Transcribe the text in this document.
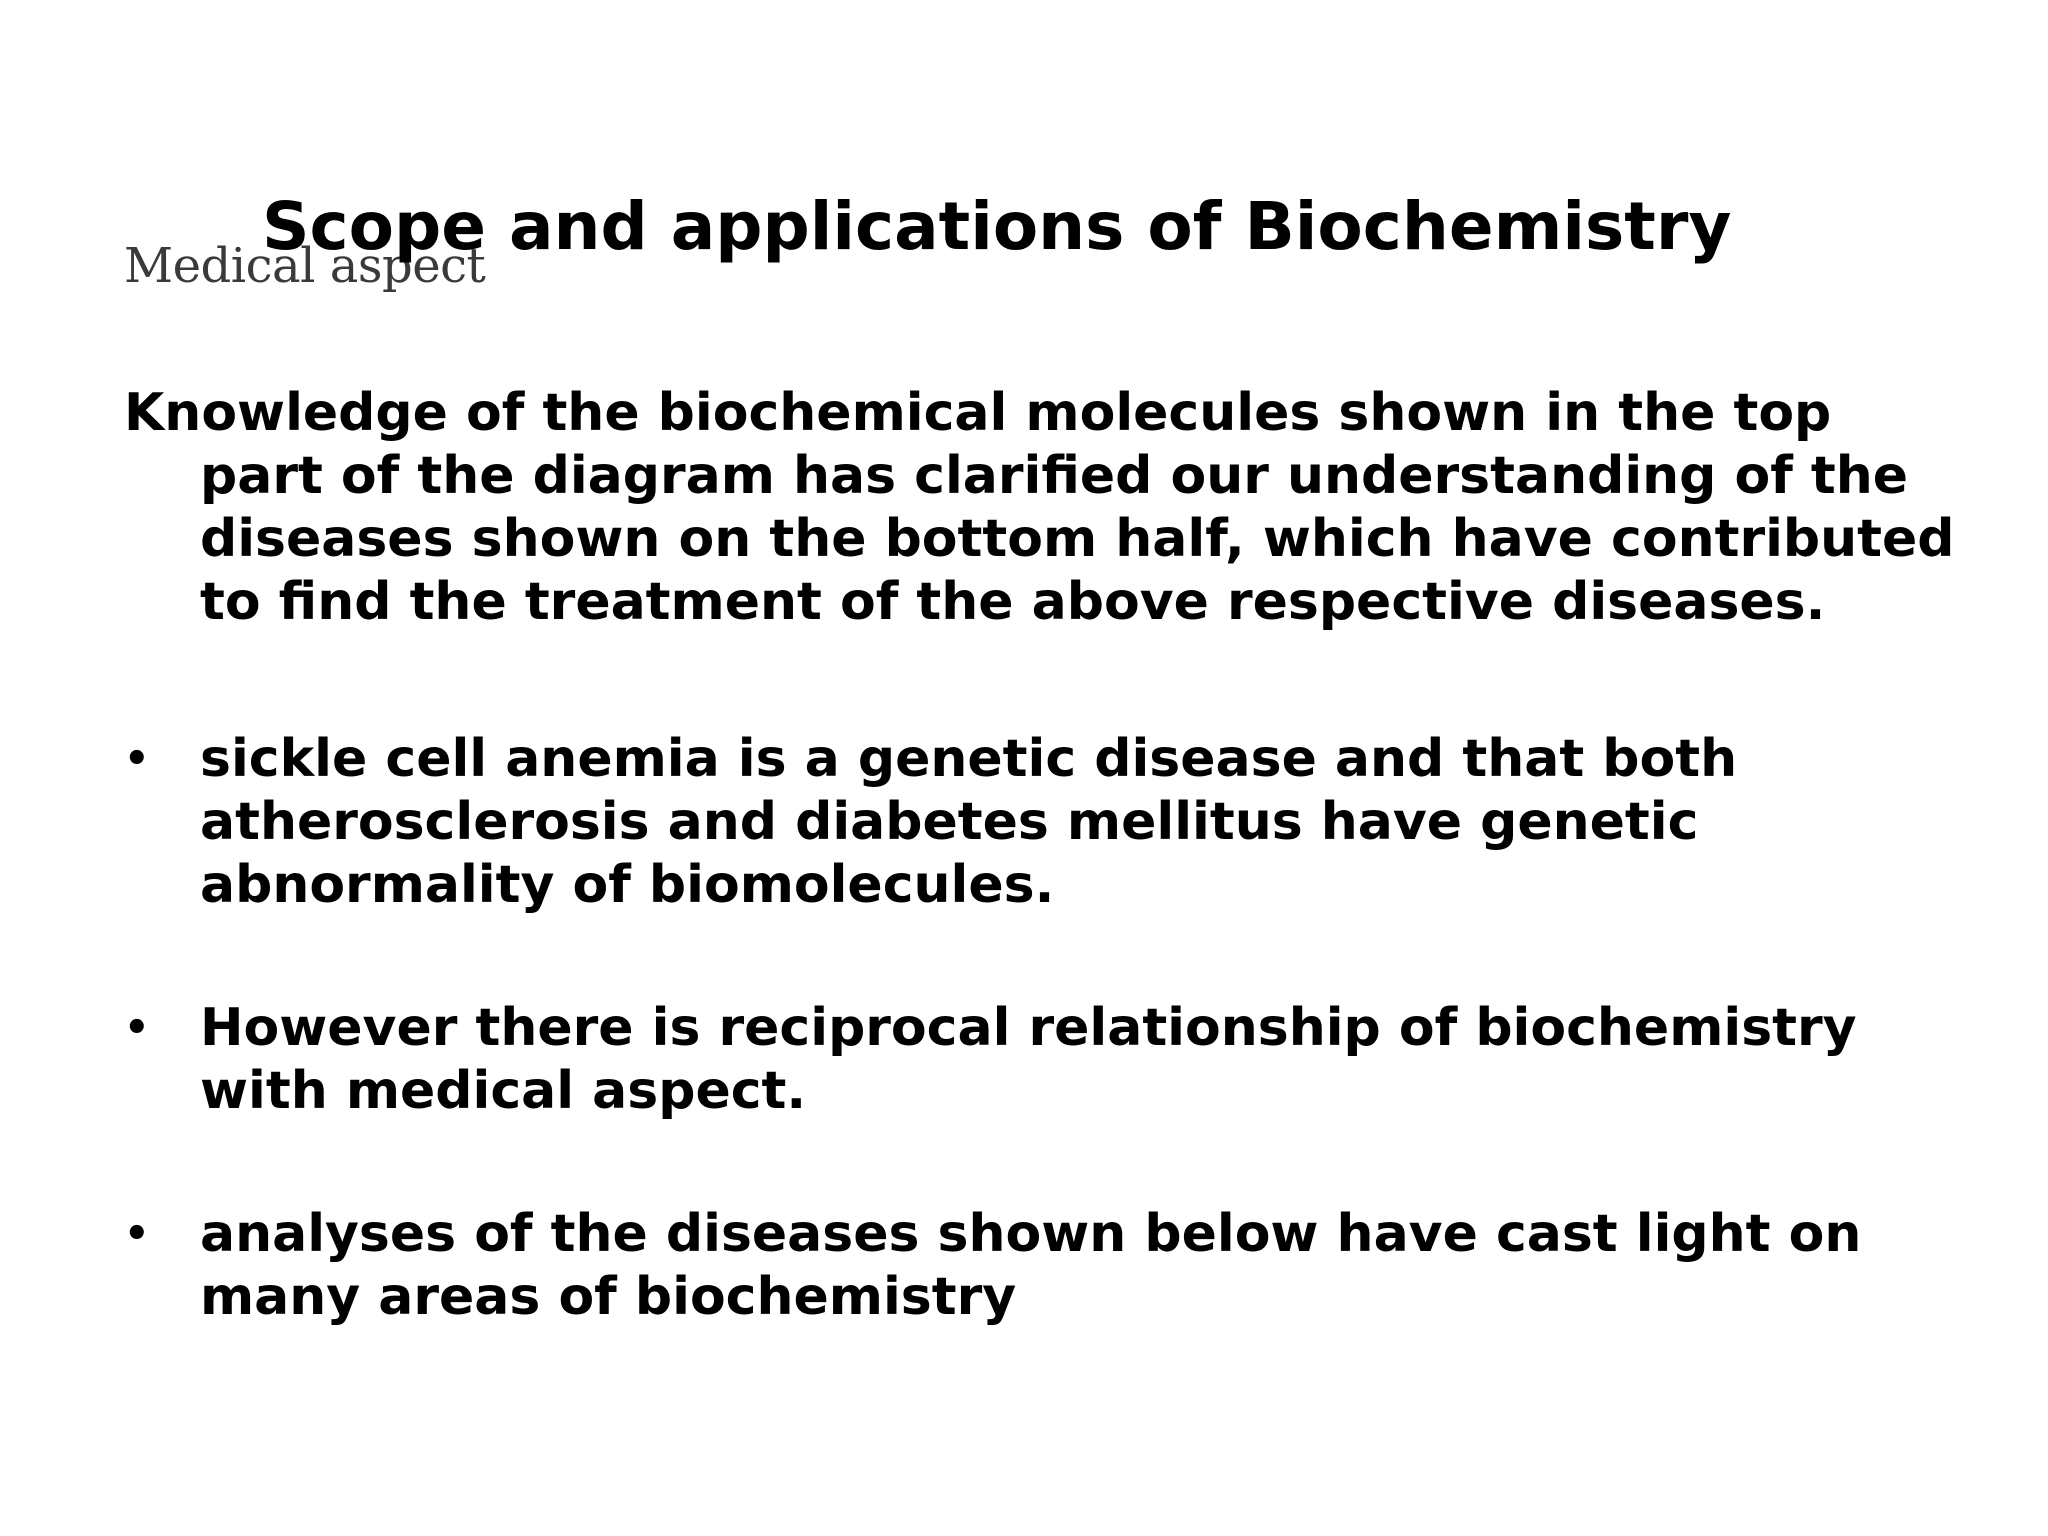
Medical aspect
Scope and applications of Biochemistry

Knowledge of the biochemical molecules shown in the top part of the diagram has clarified our understanding of the diseases shown on the bottom half, which have contributed to find the treatment of the above respective diseases.

• sickle cell anemia is a genetic disease and that both atherosclerosis and diabetes mellitus have genetic abnormality of biomolecules.
• However there is reciprocal relationship of biochemistry with medical aspect.
• analyses of the diseases shown below have cast light on many areas of biochemistry
